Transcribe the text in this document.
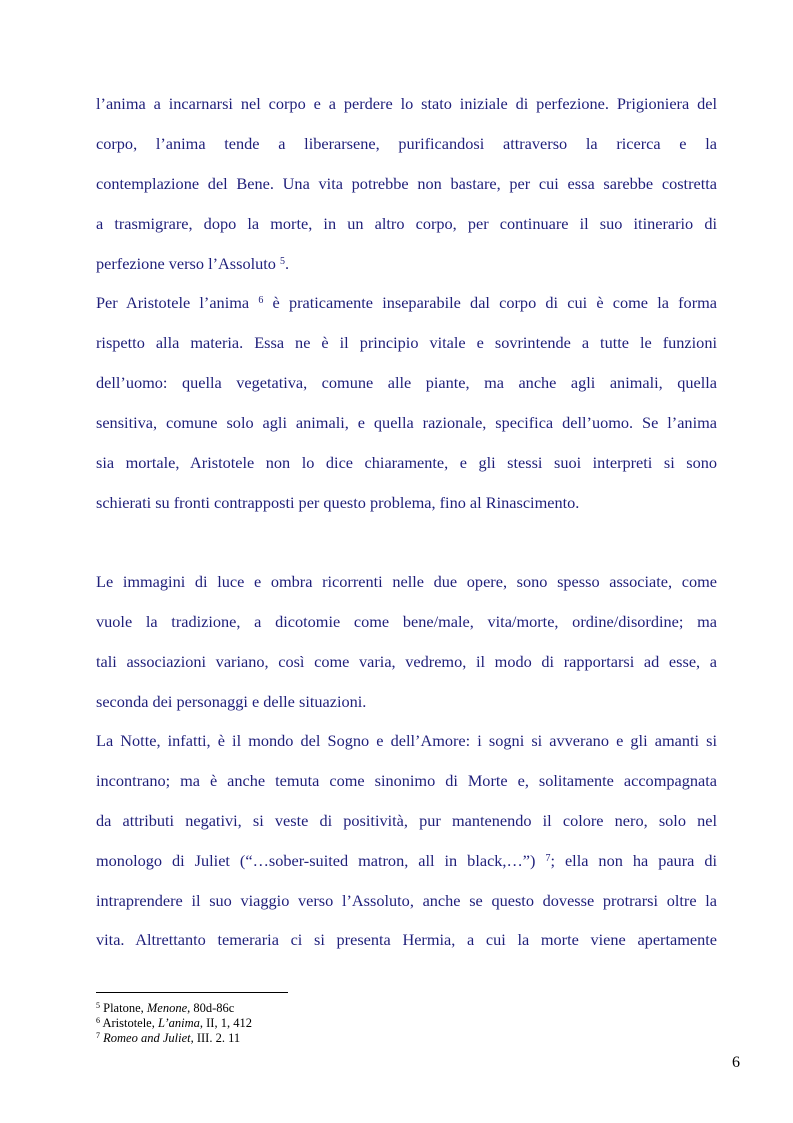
l’anima a incarnarsi nel corpo e a perdere lo stato iniziale di perfezione. Prigioniera del

corpo, l’anima tende a liberarsene, purificandosi attraverso la ricerca e la

contemplazione del Bene. Una vita potrebbe non bastare, per cui essa sarebbe costretta

a trasmigrare, dopo la morte, in un altro corpo, per continuare il suo itinerario di

perfezione verso l’Assoluto $^5$.

Per Aristotele l’anima $^6$ è praticamente inseparabile dal corpo di cui è come la forma

rispetto alla materia. Essa ne è il principio vitale e sovrintende a tutte le funzioni

dell’uomo: quella vegetativa, comune alle piante, ma anche agli animali, quella

sensitiva, comune solo agli animali, e quella razionale, specifica dell’uomo. Se l’anima

sia mortale, Aristotele non lo dice chiaramente, e gli stessi suoi interpreti si sono

schierati su fronti contrapposti per questo problema, fino al Rinascimento.

Le immagini di luce e ombra ricorrenti nelle due opere, sono spesso associate, come

vuole la tradizione, a dicotomie come bene/male, vita/morte, ordine/disordine; ma

tali associazioni variano, così come varia, vedremo, il modo di rapportarsi ad esse, a

seconda dei personaggi e delle situazioni.

La Notte, infatti, è il mondo del Sogno e dell’Amore: i sogni si avverano e gli amanti si

incontrano; ma è anche temuta come sinonimo di Morte e, solitamente accompagnata

da attributi negativi, si veste di positività, pur mantenendo il colore nero, solo nel

monologo di Juliet (“…sober-suited matron, all in black,…”) $^7$; ella non ha paura di

intraprendere il suo viaggio verso l’Assoluto, anche se questo dovesse protrarsi oltre la

vita. Altrettanto temeraria ci si presenta Hermia, a cui la morte viene apertamente

$^5$ Platone, Menone, 80d-86c

$^6$ Aristotele, L’anima, II, 1, 412

$^7$ Romeo and Juliet, III. 2. 11

6
